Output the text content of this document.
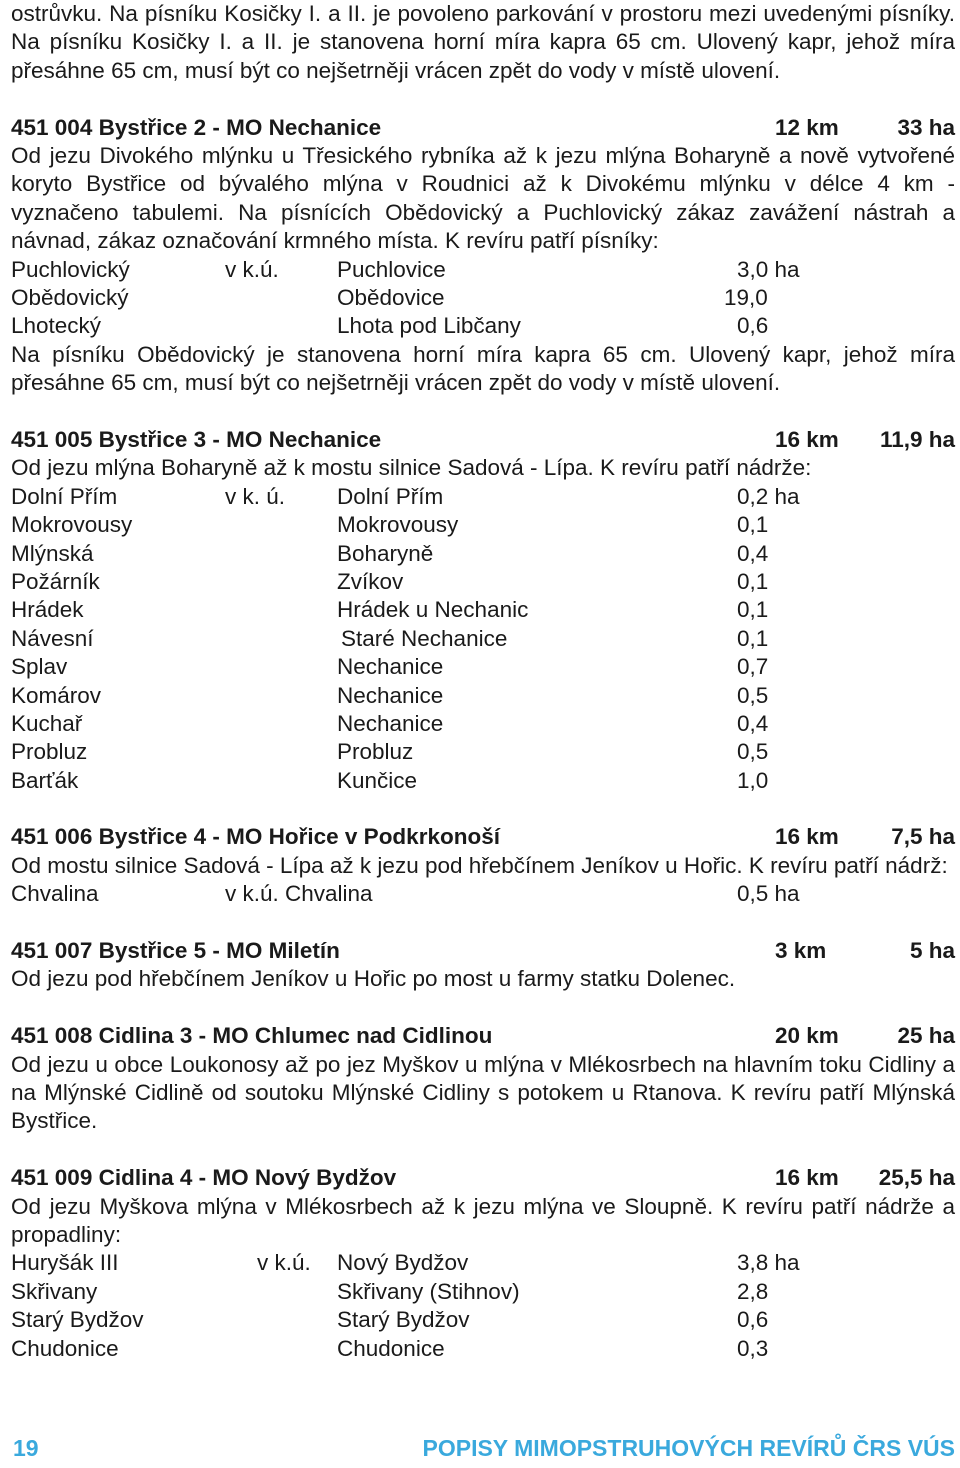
ostrůvku. Na písníku Kosičky I. a II. je povoleno parkování v prostoru mezi uvedenými písníky. Na písníku Kosičky I. a II. je stanovena horní míra kapra 65 cm. Ulovený kapr, jehož míra přesáhne 65 cm, musí být co nejšetrněji vrácen zpět do vody v místě ulovení.

451 004 Bystřice 2 - MO Nechanice	12 km	33 ha

Od jezu Divokého mlýnku u Třesického rybníka až k jezu mlýna Boharyně a nově vytvořené koryto Bystřice od bývalého mlýna v Roudnici až k Divokému mlýnku v délce 4 km - vyznačeno tabulemi. Na písnících Obědovický a Puchlovický zákaz zavážení nástrah a návnad, zákaz označování krmného místa. K revíru patří písníky:

Puchlovický	v k.ú.	Puchlovice	3,0 ha
Obědovický	Obědovice	19,0
Lhotecký	Lhota pod Libčany	0,6

Na písníku Obědovický je stanovena horní míra kapra 65 cm. Ulovený kapr, jehož míra přesáhne 65 cm, musí být co nejšetrněji vrácen zpět do vody v místě ulovení.

451 005 Bystřice 3 - MO Nechanice	16 km 11,9 ha

Od jezu mlýna Boharyně až k mostu silnice Sadová - Lípa. K revíru patří nádrže:

Dolní Přím	v k. ú. Dolní Přím	0,2 ha
Mokrovousy	Mokrovousy	0,1
Mlýnská	Boharyně	0,4
Požárník	Zvíkov	0,1
Hrádek	Hrádek u Nechanic	0,1
Návesní	Staré Nechanice	0,1
Splav	Nechanice	0,7
Komárov	Nechanice	0,5
Kuchař	Nechanice	0,4
Probluz	Probluz	0,5
Barťák	Kunčice	1,0
451 006 Bystřice 4 - MO Hořice v Podkrkonoší	16 km 7,5 ha

Od mostu silnice Sadová - Lípa až k jezu pod hřebčínem Jeníkov u Hořic. K revíru patří nádrž:

Chvalina	v k.ú. Chvalina	0,5 ha
451 007 Bystřice 5 - MO Miletín	3 km	5 ha

Od jezu pod hřebčínem Jeníkov u Hořic po most u farmy statku Dolenec.

451 008 Cidlina 3 - MO Chlumec nad Cidlinou	20 km	25 ha

Od jezu u obce Loukonosy až po jez Myškov u mlýna v Mlékosrbech na hlavním toku Cidliny a na Mlýnské Cidlině od soutoku Mlýnské Cidliny s potokem u Rtanova. K revíru patří Mlýnská Bystřice.

451 009 Cidlina 4 - MO Nový Bydžov	16 km 25,5 ha

Od jezu Myškova mlýna v Mlékosrbech až k jezu mlýna ve Sloupně. K revíru patří nádrže a propadliny:

Huryšák III	v k.ú. Nový Bydžov	3,8 ha
Skřivany	Skřivany (Stihnov)	2,8
Starý Bydžov	Starý Bydžov	0,6
Chudonice	Chudonice	0,3
19	POPISY MIMOPSTRUHOVÝCH REVÍRŮ ČRS VÚS
